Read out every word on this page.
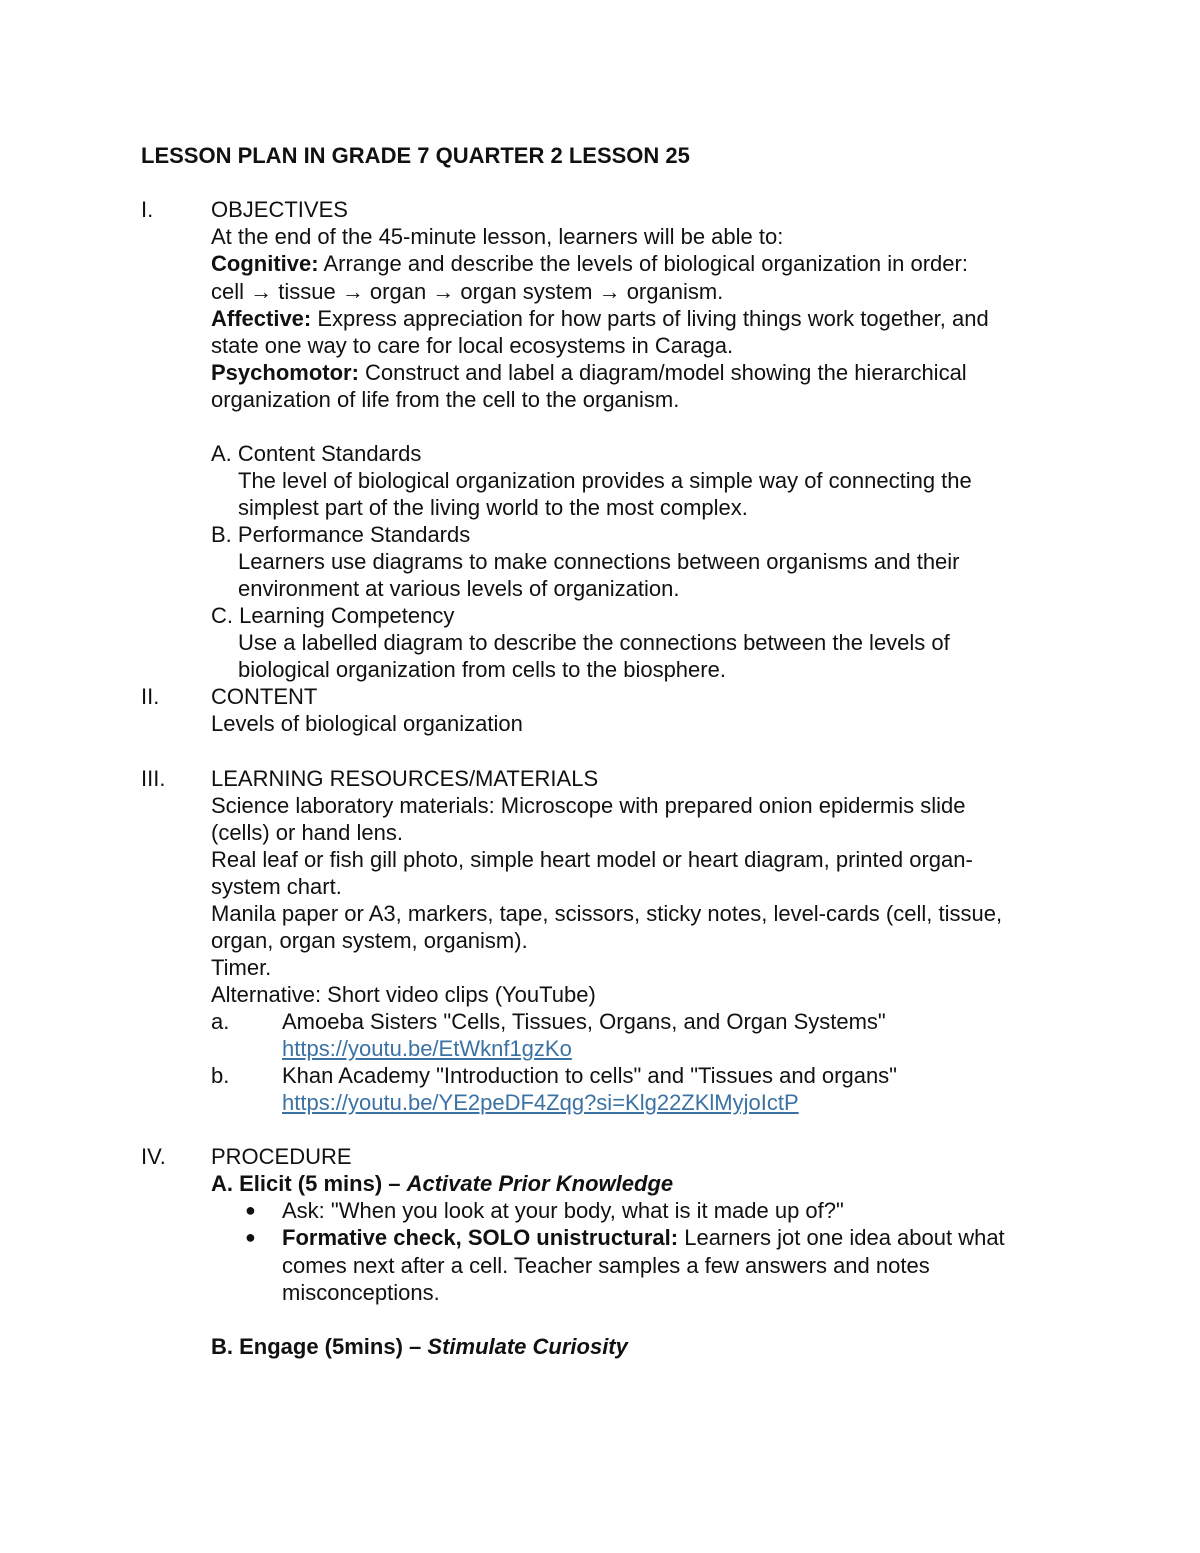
LESSON PLAN IN GRADE 7 QUARTER 2 LESSON 25
I.	OBJECTIVES
At the end of the 45-minute lesson, learners will be able to:
Cognitive: Arrange and describe the levels of biological organization in order:
cell → tissue → organ → organ system → organism.
Affective: Express appreciation for how parts of living things work together, and
state one way to care for local ecosystems in Caraga.
Psychomotor: Construct and label a diagram/model showing the hierarchical
organization of life from the cell to the organism.
A. Content Standards
The level of biological organization provides a simple way of connecting the
simplest part of the living world to the most complex.
B. Performance Standards
Learners use diagrams to make connections between organisms and their
environment at various levels of organization.
C. Learning Competency
Use a labelled diagram to describe the connections between the levels of
biological organization from cells to the biosphere.
II. CONTENT
Levels of biological organization
III. LEARNING RESOURCES/MATERIALS
Science laboratory materials: Microscope with prepared onion epidermis slide
(cells) or hand lens.
Real leaf or fish gill photo, simple heart model or heart diagram, printed organ-
system chart.
Manila paper or A3, markers, tape, scissors, sticky notes, level-cards (cell, tissue,
organ, organ system, organism).
Timer.
Alternative: Short video clips (YouTube)
a. Amoeba Sisters "Cells, Tissues, Organs, and Organ Systems"
https://youtu.be/EtWknf1gzKo
b. Khan Academy "Introduction to cells" and "Tissues and organs"
https://youtu.be/YE2peDF4Zqg?si=Klg22ZKlMyjoIctP
IV. PROCEDURE
A. Elicit (5 mins) – Activate Prior Knowledge
● Ask: "When you look at your body, what is it made up of?"
● Formative check, SOLO unistructural: Learners jot one idea about what
comes next after a cell. Teacher samples a few answers and notes
misconceptions.
B. Engage (5mins) – Stimulate Curiosity
